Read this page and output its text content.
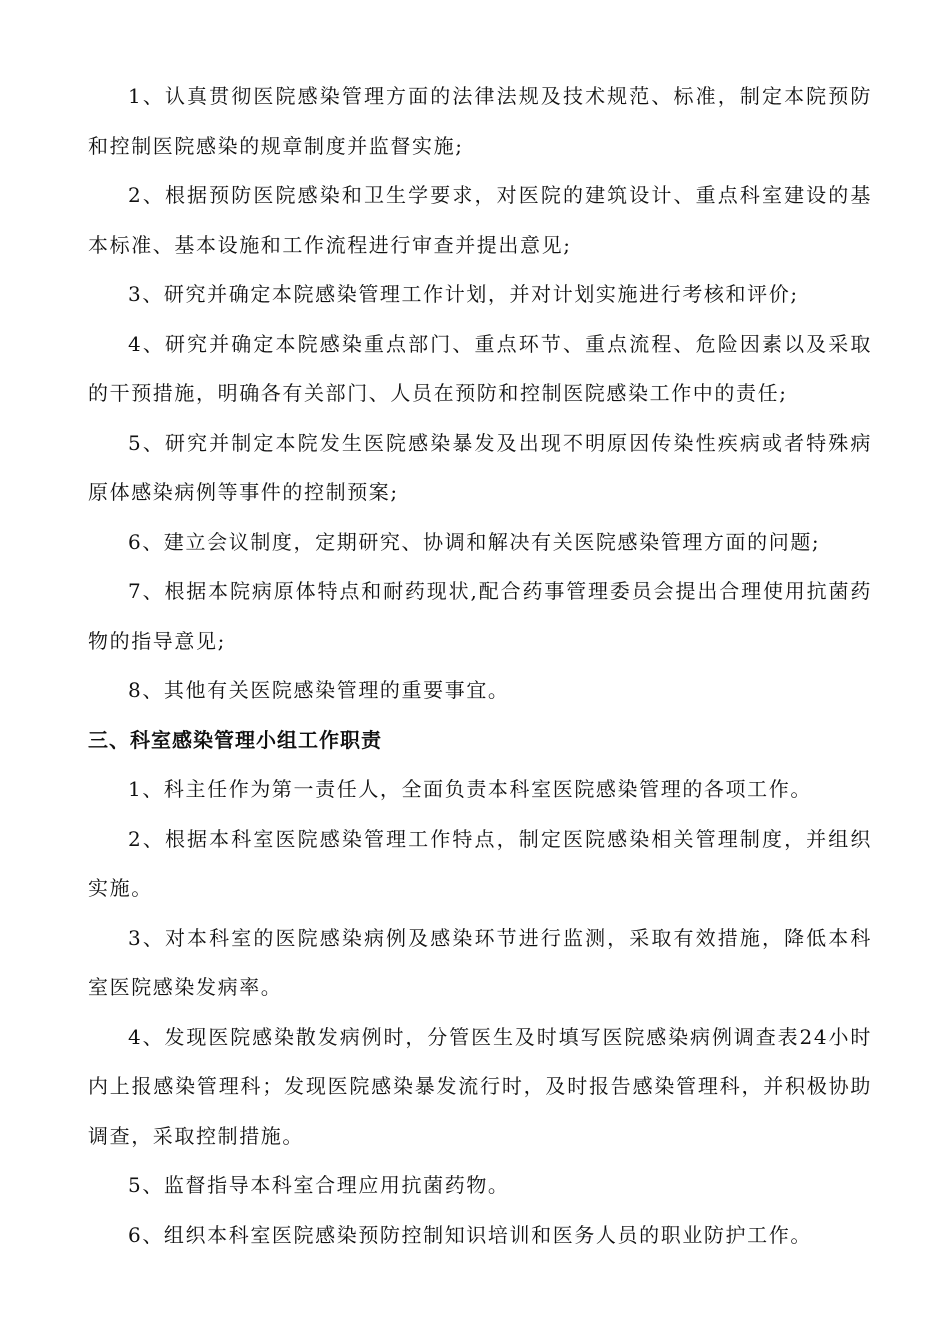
1、认真贯彻医院感染管理方面的法律法规及技术规范、标准，制定本院预防和控制医院感染的规章制度并监督实施;

2、根据预防医院感染和卫生学要求，对医院的建筑设计、重点科室建设的基本标准、基本设施和工作流程进行审查并提出意见;

3、研究并确定本院感染管理工作计划，并对计划实施进行考核和评价;

4、研究并确定本院感染重点部门、重点环节、重点流程、危险因素以及采取的干预措施，明确各有关部门、人员在预防和控制医院感染工作中的责任;

5、研究并制定本院发生医院感染暴发及出现不明原因传染性疾病或者特殊病原体感染病例等事件的控制预案;

6、建立会议制度，定期研究、协调和解决有关医院感染管理方面的问题;

7、根据本院病原体特点和耐药现状,配合药事管理委员会提出合理使用抗菌药物的指导意见;

8、其他有关医院感染管理的重要事宜。

三、科室感染管理小组工作职责

1、科主任作为第一责任人，全面负责本科室医院感染管理的各项工作。

2、根据本科室医院感染管理工作特点，制定医院感染相关管理制度，并组织实施。

3、对本科室的医院感染病例及感染环节进行监测，采取有效措施，降低本科室医院感染发病率。

4、发现医院感染散发病例时，分管医生及时填写医院感染病例调查表24小时内上报感染管理科；发现医院感染暴发流行时，及时报告感染管理科，并积极协助调查，采取控制措施。

5、监督指导本科室合理应用抗菌药物。

6、组织本科室医院感染预防控制知识培训和医务人员的职业防护工作。
